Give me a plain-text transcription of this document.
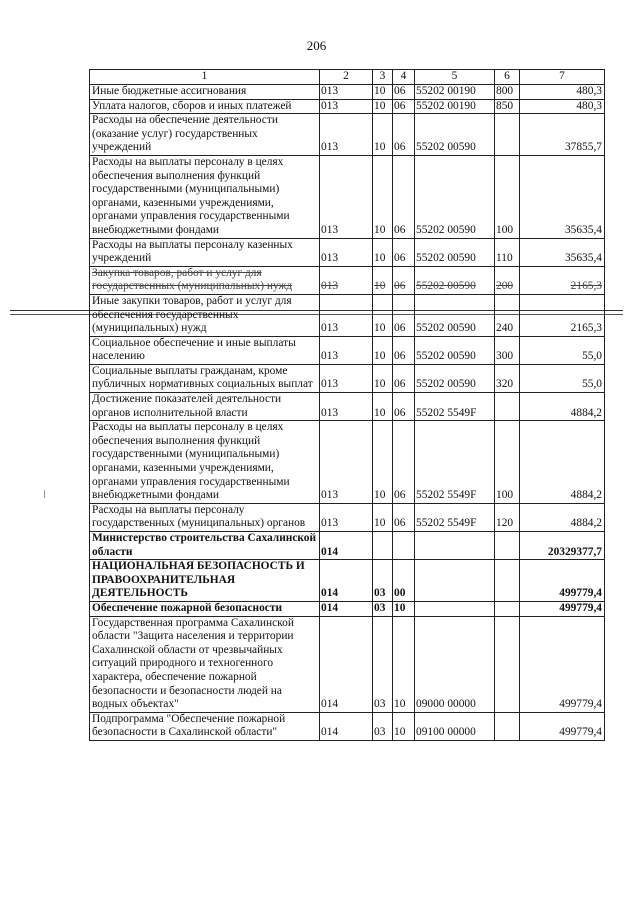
206
1	2	3	4	5	6	7
Иные бюджетные ассигнования	013	10	06	55202 00190	800	480,3
Уплата налогов, сборов и иных платежей	013	10	06	55202 00190	850	480,3
Расходы на обеспечение деятельности (оказание услуг) государственных учреждений	013	10	06	55202 00590		37855,7
Расходы на выплаты персоналу в целях обеспечения выполнения функций государственными (муниципальными) органами, казенными учреждениями, органами управления государственными внебюджетными фондами	013	10	06	55202 00590	100	35635,4
Расходы на выплаты персоналу казенных учреждений	013	10	06	55202 00590	110	35635,4
Закупка товаров, работ и услуг для государственных (муниципальных) нужд	013	10	06	55202 00590	200	2165,3
Иные закупки товаров, работ и услуг для обеспечения государственных (муниципальных) нужд	013	10	06	55202 00590	240	2165,3
Социальное обеспечение и иные выплаты населению	013	10	06	55202 00590	300	55,0
Социальные выплаты гражданам, кроме публичных нормативных социальных выплат	013	10	06	55202 00590	320	55,0
Достижение показателей деятельности органов исполнительной власти	013	10	06	55202 5549F		4884,2
Расходы на выплаты персоналу в целях обеспечения выполнения функций государственными (муниципальными) органами, казенными учреждениями, органами управления государственными внебюджетными фондами	013	10	06	55202 5549F	100	4884,2
Расходы на выплаты персоналу государственных (муниципальных) органов	013	10	06	55202 5549F	120	4884,2
Министерство строительства Сахалинской области	014					20329377,7
НАЦИОНАЛЬНАЯ БЕЗОПАСНОСТЬ И ПРАВООХРАНИТЕЛЬНАЯ ДЕЯТЕЛЬНОСТЬ	014	03	00			499779,4
Обеспечение пожарной безопасности	014	03	10			499779,4
Государственная программа Сахалинской области "Защита населения и территории Сахалинской области от чрезвычайных ситуаций природного и техногенного характера, обеспечение пожарной безопасности и безопасности людей на водных объектах"	014	03	10	09000 00000		499779,4
Подпрограмма "Обеспечение пожарной безопасности в Сахалинской области"	014	03	10	09100 00000		499779,4
